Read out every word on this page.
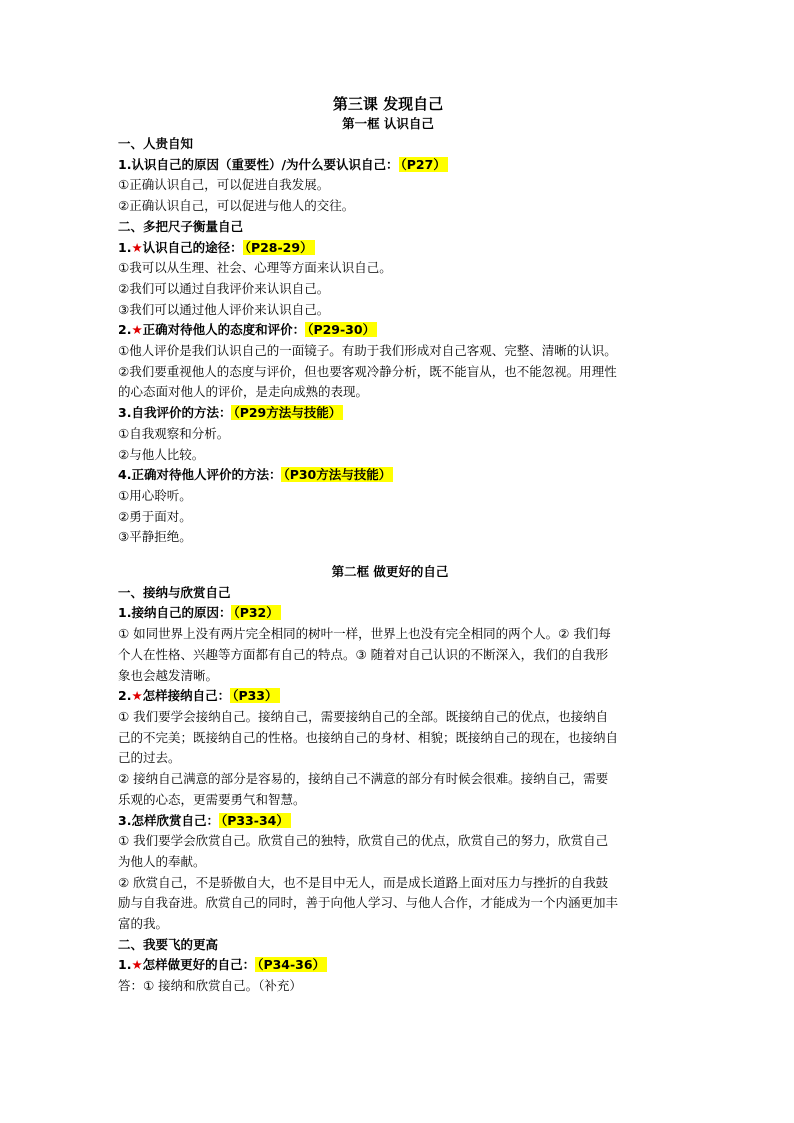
第三课 发现自己
第一框 认识自己
一、人贵自知
1.认识自己的原因（重要性）/为什么要认识自己： （P27）
①正确认识自己，可以促进自我发展。
②正确认识自己，可以促进与他人的交往。
二、多把尺子衡量自己
1.★认识自己的途径： （P28-29）
①我可以从生理、社会、心理等方面来认识自己。
②我们可以通过自我评价来认识自己。
③我们可以通过他人评价来认识自己。
2.★正确对待他人的态度和评价： （P29-30）
①他人评价是我们认识自己的一面镜子。有助于我们形成对自己客观、完整、清晰的认识。
②我们要重视他人的态度与评价，但也要客观冷静分析，既不能盲从，也不能忽视。用理性
的心态面对他人的评价，是走向成熟的表现。
3.自我评价的方法： （P29方法与技能）
①自我观察和分析。
②与他人比较。
4.正确对待他人评价的方法： （P30方法与技能）
①用心聆听。
②勇于面对。
③平静拒绝。
第二框 做更好的自己
一、接纳与欣赏自己
1.接纳自己的原因： （P32）
① 如同世界上没有两片完全相同的树叶一样，世界上也没有完全相同的两个人。② 我们每
个人在性格、兴趣等方面都有自己的特点。③ 随着对自己认识的不断深入，我们的自我形
象也会越发清晰。
2.★怎样接纳自己： （P33）
① 我们要学会接纳自己。接纳自己，需要接纳自己的全部。既接纳自己的优点，也接纳自
己的不完美；既接纳自己的性格。也接纳自己的身材、相貌；既接纳自己的现在，也接纳自
己的过去。
② 接纳自己满意的部分是容易的，接纳自己不满意的部分有时候会很难。接纳自己，需要
乐观的心态，更需要勇气和智慧。
3.怎样欣赏自己： （P33-34）
① 我们要学会欣赏自己。欣赏自己的独特，欣赏自己的优点，欣赏自己的努力，欣赏自己
为他人的奉献。
② 欣赏自己，不是骄傲自大，也不是目中无人，而是成长道路上面对压力与挫折的自我鼓
励与自我奋进。欣赏自己的同时，善于向他人学习、与他人合作，才能成为一个内涵更加丰
富的我。
二、我要飞的更高
1.★怎样做更好的自己： （P34-36）
答：① 接纳和欣赏自己。（补充）
